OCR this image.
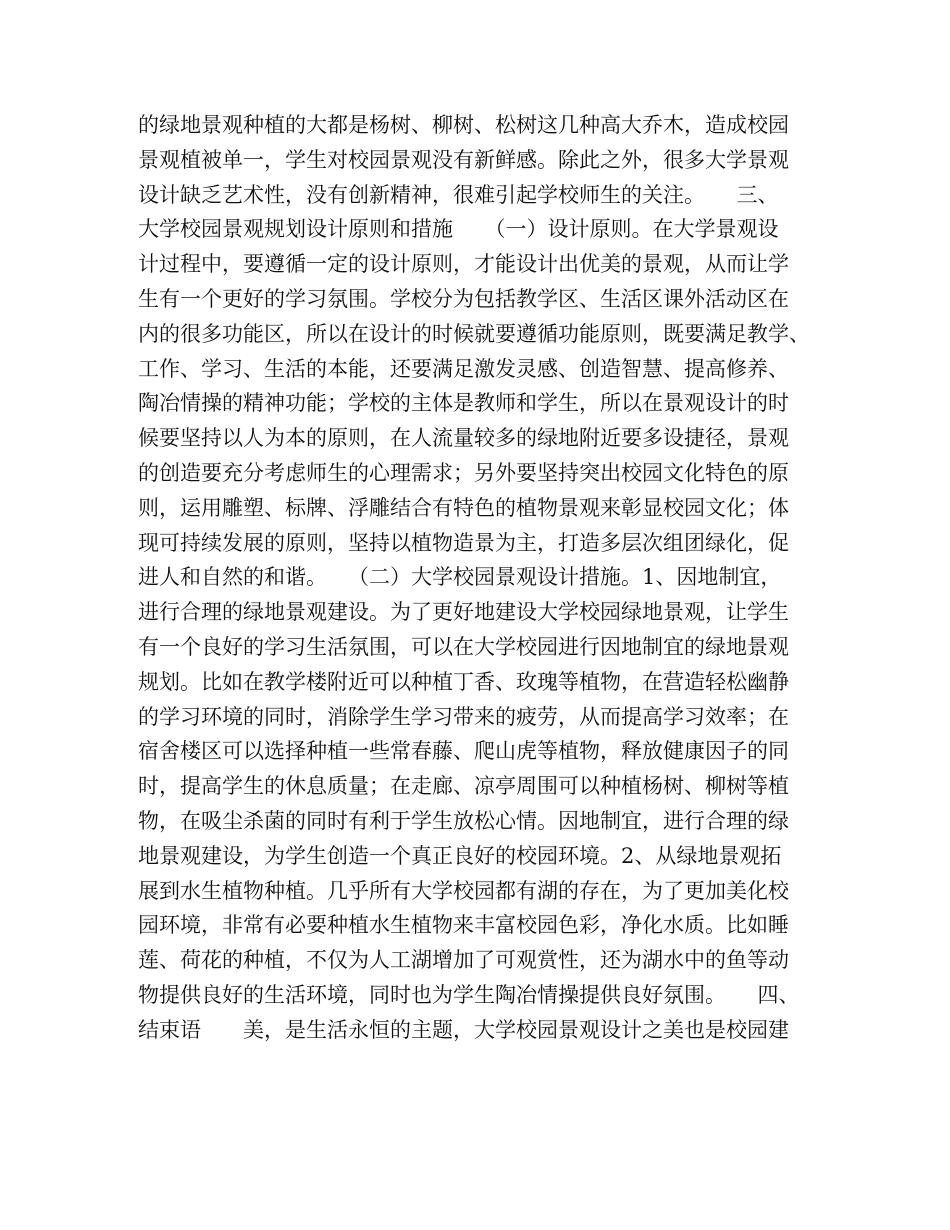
的绿地景观种植的大都是杨树、柳树、松树这几种高大乔木，造成校园
景观植被单一，学生对校园景观没有新鲜感。除此之外，很多大学景观
设计缺乏艺术性，没有创新精神，很难引起学校师生的关注。　　三、
大学校园景观规划设计原则和措施　　（一）设计原则。在大学景观设
计过程中，要遵循一定的设计原则，才能设计出优美的景观，从而让学
生有一个更好的学习氛围。学校分为包括教学区、生活区课外活动区在
内的很多功能区，所以在设计的时候就要遵循功能原则，既要满足教学、
工作、学习、生活的本能，还要满足激发灵感、创造智慧、提高修养、
陶冶情操的精神功能；学校的主体是教师和学生，所以在景观设计的时
候要坚持以人为本的原则，在人流量较多的绿地附近要多设捷径，景观
的创造要充分考虑师生的心理需求；另外要坚持突出校园文化特色的原
则，运用雕塑、标牌、浮雕结合有特色的植物景观来彰显校园文化；体
现可持续发展的原则，坚持以植物造景为主，打造多层次组团绿化，促
进人和自然的和谐。　　（二）大学校园景观设计措施。1、因地制宜，
进行合理的绿地景观建设。为了更好地建设大学校园绿地景观，让学生
有一个良好的学习生活氛围，可以在大学校园进行因地制宜的绿地景观
规划。比如在教学楼附近可以种植丁香、玫瑰等植物，在营造轻松幽静
的学习环境的同时，消除学生学习带来的疲劳，从而提高学习效率；在
宿舍楼区可以选择种植一些常春藤、爬山虎等植物，释放健康因子的同
时，提高学生的休息质量；在走廊、凉亭周围可以种植杨树、柳树等植
物，在吸尘杀菌的同时有利于学生放松心情。因地制宜，进行合理的绿
地景观建设，为学生创造一个真正良好的校园环境。2、从绿地景观拓
展到水生植物种植。几乎所有大学校园都有湖的存在，为了更加美化校
园环境，非常有必要种植水生植物来丰富校园色彩，净化水质。比如睡
莲、荷花的种植，不仅为人工湖增加了可观赏性，还为湖水中的鱼等动
物提供良好的生活环境，同时也为学生陶冶情操提供良好氛围。　　四、
结束语　　美，是生活永恒的主题，大学校园景观设计之美也是校园建
